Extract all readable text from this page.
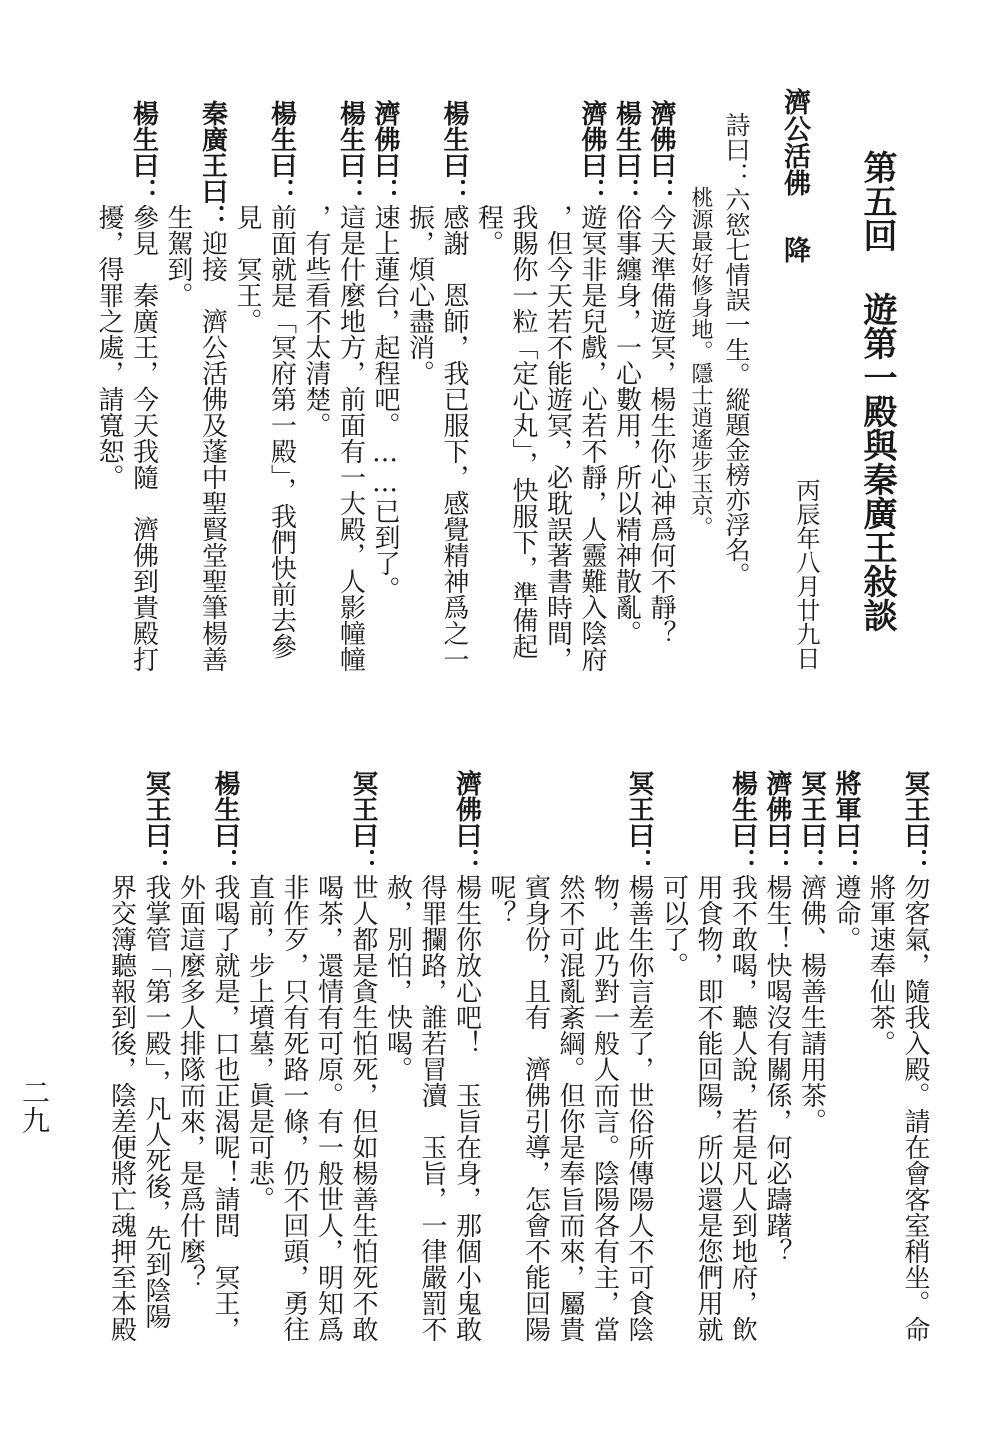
第五回遊第一殿與秦廣王敍談
丙辰年八月廿九日
濟公活佛降
詩曰：六慾七情誤一生。縱題金榜亦浮名。
桃源最好修身地。隱士逍遙步玉京。
濟佛曰：今天準備遊冥，楊生你心神爲何不靜？
楊生曰：俗事纏身，一心數用，所以精神散亂。
濟佛曰：遊冥非是兒戲，心若不靜，人靈難入陰府
，但今天若不能遊冥，必耽誤著書時間，
我賜你一粒「定心丸」，快服下，準備起
程。
楊生曰：感謝　恩師，我已服下，感覺精神爲之一
振，煩心盡消。
濟佛曰：速上蓮台，起程吧。……已到了。
楊生曰：這是什麼地方，前面有一大殿，人影幢幢
，有些看不太清楚。
楊生曰：前面就是「冥府第一殿」，我們快前去參
見　冥王。
秦廣王曰：迎接　濟公活佛及蓬中聖賢堂聖筆楊善
生駕到。
楊生曰：參見　秦廣王，今天我隨　濟佛到貴殿打
擾，得罪之處，請寬恕。
冥王曰：勿客氣，隨我入殿。請在會客室稍坐。命
將軍速奉仙茶。
將軍曰：遵命。
冥王曰：濟佛、楊善生請用茶。
濟佛曰：楊生！快喝沒有關係，何必躊躇？
楊生曰：我不敢喝，聽人說，若是凡人到地府，飲
用食物，即不能回陽，所以還是您們用就
可以了。
冥王曰：楊善生你言差了，世俗所傳陽人不可食陰
物，此乃對一般人而言。陰陽各有主，當
然不可混亂紊綱。但你是奉旨而來，屬貴
賓身份，且有　濟佛引導，怎會不能回陽
呢？
濟佛曰：楊生你放心吧！　玉旨在身，那個小鬼敢
得罪攔路，誰若冒瀆　玉旨，一律嚴罰不
赦，別怕，快喝。
冥王曰：世人都是貪生怕死，但如楊善生怕死不敢
喝茶，還情有可原。有一般世人，明知爲
非作歹，只有死路一條，仍不回頭，勇往
直前，步上墳墓，眞是可悲。
楊生曰：我喝了就是，口也正渴呢！請問　冥王，
外面這麼多人排隊而來，是爲什麼？
冥王曰：我掌管「第一殿」，凡人死後，先到陰陽
界交簿聽報到後，陰差便將亡魂押至本殿
二九
